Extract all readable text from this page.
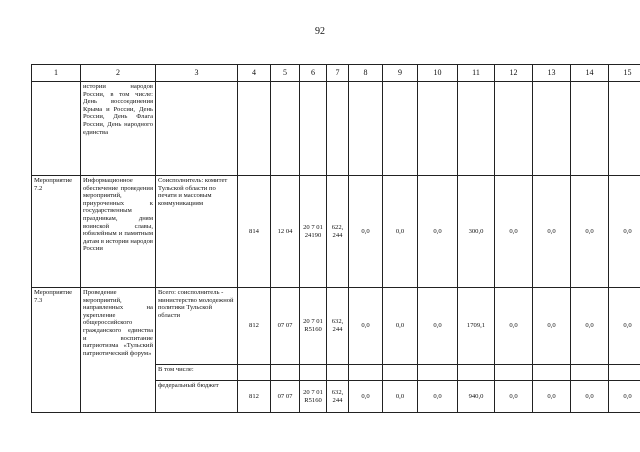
92
1	2	3	4	5	6	7	8	9	10	11	12	13	14	15
	истории народов России, в том числе: День воссоединения Крыма и России, День России, День Флага России, День народного единства													
Мероприятие 7.2	Информационное обеспечение проведения мероприятий, приуроченных к государственным праздникам, дням воинской славы, юбилейным и памятным датам в истории народов России	Соисполнитель: комитет Тульской области по печати и массовым коммуникациям	814	12 04	20 7 01 24190	622, 244	0,0	0,0	0,0	300,0	0,0	0,0	0,0	0,0
Мероприятие 7.3	Проведение мероприятий, направленных на укрепление общероссийского гражданского единства и воспитание патриотизма «Тульский патриотический форум»	Всего: соисполнитель - министерство молодежной политики Тульской области	812	07 07	20 7 01 R5160	632, 244	0,0	0,0	0,0	1709,1	0,0	0,0	0,0	0,0
		В том числе:												
		федеральный бюджет	812	07 07	20 7 01 R5160	632, 244	0,0	0,0	0,0	940,0	0,0	0,0	0,0	0,0
